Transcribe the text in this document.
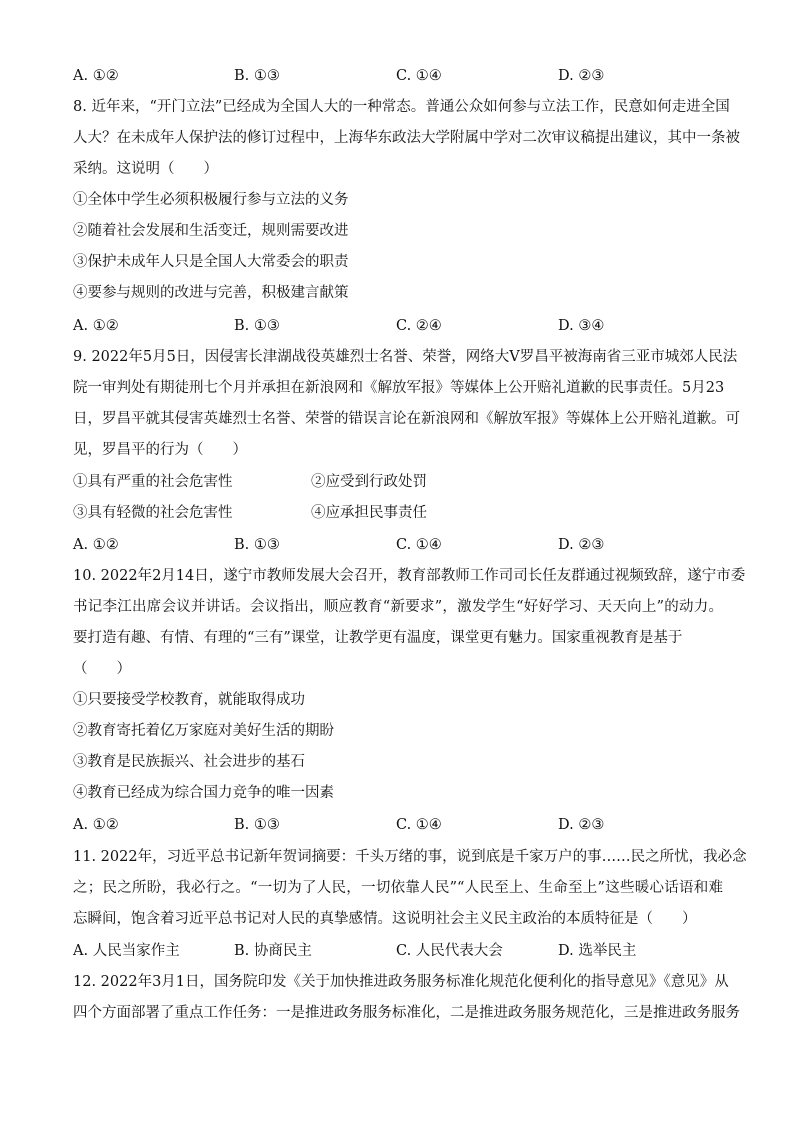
A. ①②	B. ①③	C. ①④	D. ②③
8. 近年来，“开门立法”已经成为全国人大的一种常态。普通公众如何参与立法工作，民意如何走进全国
人大？在未成年人保护法的修订过程中，上海华东政法大学附属中学对二次审议稿提出建议，其中一条被
采纳。这说明（　　）
①全体中学生必须积极履行参与立法的义务
②随着社会发展和生活变迁，规则需要改进
③保护未成年人只是全国人大常委会的职责
④要参与规则的改进与完善，积极建言献策
A. ①②	B. ①③	C. ②④	D. ③④
9. 2022年5月5日，因侵害长津湖战役英雄烈士名誉、荣誉，网络大V罗昌平被海南省三亚市城郊人民法
院一审判处有期徒刑七个月并承担在新浪网和《解放军报》等媒体上公开赔礼道歉的民事责任。5月23
日，罗昌平就其侵害英雄烈士名誉、荣誉的错误言论在新浪网和《解放军报》等媒体上公开赔礼道歉。可
见，罗昌平的行为（　　）
①具有严重的社会危害性	②应受到行政处罚
③具有轻微的社会危害性	④应承担民事责任
A. ①②	B. ①③	C. ①④	D. ②③
10. 2022年2月14日，遂宁市教师发展大会召开，教育部教师工作司司长任友群通过视频致辞，遂宁市委
书记李江出席会议并讲话。会议指出，顺应教育“新要求”，激发学生“好好学习、天天向上”的动力。
要打造有趣、有情、有理的“三有”课堂，让教学更有温度，课堂更有魅力。国家重视教育是基于
（　　）
①只要接受学校教育，就能取得成功
②教育寄托着亿万家庭对美好生活的期盼
③教育是民族振兴、社会进步的基石
④教育已经成为综合国力竞争的唯一因素
A. ①②	B. ①③	C. ①④	D. ②③
11. 2022年，习近平总书记新年贺词摘要：千头万绪的事，说到底是千家万户的事……民之所忧，我必念
之；民之所盼，我必行之。“一切为了人民，一切依靠人民”“人民至上、生命至上”这些暖心话语和难
忘瞬间，饱含着习近平总书记对人民的真挚感情。这说明社会主义民主政治的本质特征是（　　）
A. 人民当家作主	B. 协商民主	C. 人民代表大会	D. 选举民主
12. 2022年3月1日，国务院印发《关于加快推进政务服务标准化规范化便利化的指导意见》《意见》从
四个方面部署了重点工作任务：一是推进政务服务标准化，二是推进政务服务规范化，三是推进政务服务
